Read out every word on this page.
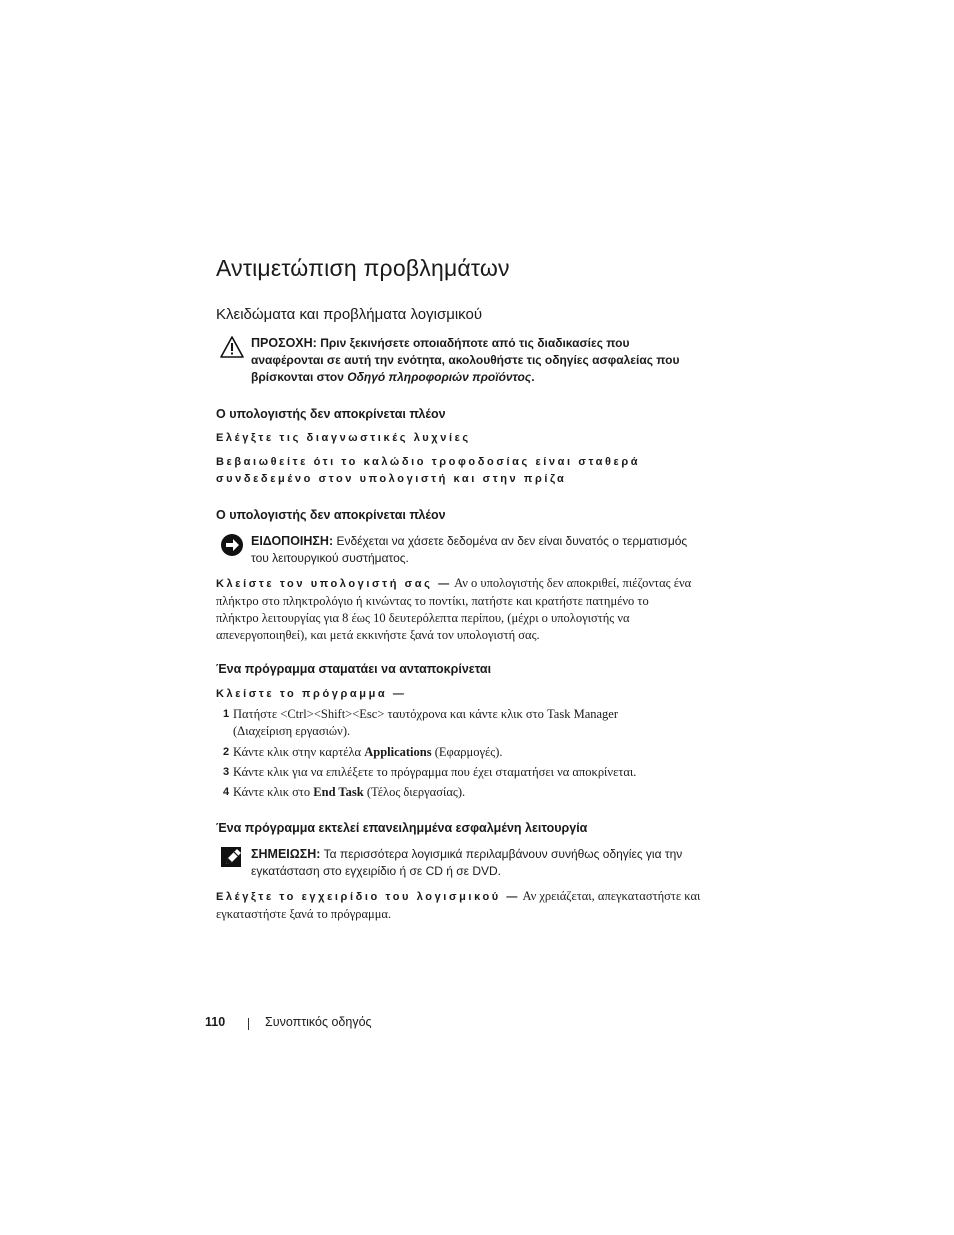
Αντιμετώπιση προβλημάτων
Κλειδώματα και προβλήματα λογισμικού
ΠΡΟΣΟΧΗ: Πριν ξεκινήσετε οποιαδήποτε από τις διαδικασίες που
αναφέρονται σε αυτή την ενότητα, ακολουθήστε τις οδηγίες ασφαλείας που
βρίσκονται στον Οδηγό πληροφοριών προϊόντος.
Ο υπολογιστής δεν αποκρίνεται πλέον
Ελέγξτε τις διαγνωστικές λυχνίες
Βεβαιωθείτε ότι το καλώδιο τροφοδοσίας είναι σταθερά
συνδεδεμένο στον υπολογιστή και στην πρίζα
Ο υπολογιστής δεν αποκρίνεται πλέον
ΕΙΔΟΠΟΙΗΣΗ: Ενδέχεται να χάσετε δεδομένα αν δεν είναι δυνατός ο τερματισμός
του λειτουργικού συστήματος.
Κλείστε τον υπολογιστή σας — Αν ο υπολογιστής δεν αποκριθεί, πιέζοντας ένα
πλήκτρο στο πληκτρολόγιο ή κινώντας το ποντίκι, πατήστε και κρατήστε πατημένο το
πλήκτρο λειτουργίας για 8 έως 10 δευτερόλεπτα περίπου, (μέχρι ο υπολογιστής να
απενεργοποιηθεί), και μετά εκκινήστε ξανά τον υπολογιστή σας.
Ένα πρόγραμμα σταματάει να ανταποκρίνεται
Κλείστε το πρόγραμμα —
1 Πατήστε <Ctrl><Shift><Esc> ταυτόχρονα και κάντε κλικ στο Task Manager
(Διαχείριση εργασιών).
2 Κάντε κλικ στην καρτέλα Applications (Εφαρμογές).
3 Κάντε κλικ για να επιλέξετε το πρόγραμμα που έχει σταματήσει να αποκρίνεται.
4 Κάντε κλικ στο End Task (Τέλος διεργασίας).
Ένα πρόγραμμα εκτελεί επανειλημμένα εσφαλμένη λειτουργία
ΣΗΜΕΙΩΣΗ: Τα περισσότερα λογισμικά περιλαμβάνουν συνήθως οδηγίες για την
εγκατάσταση στο εγχειρίδιο ή σε CD ή σε DVD.
Ελέγξτε το εγχειρίδιο του λογισμικού — Αν χρειάζεται, απεγκαταστήστε και
εγκαταστήστε ξανά το πρόγραμμα.
110	Συνοπτικός οδηγός
